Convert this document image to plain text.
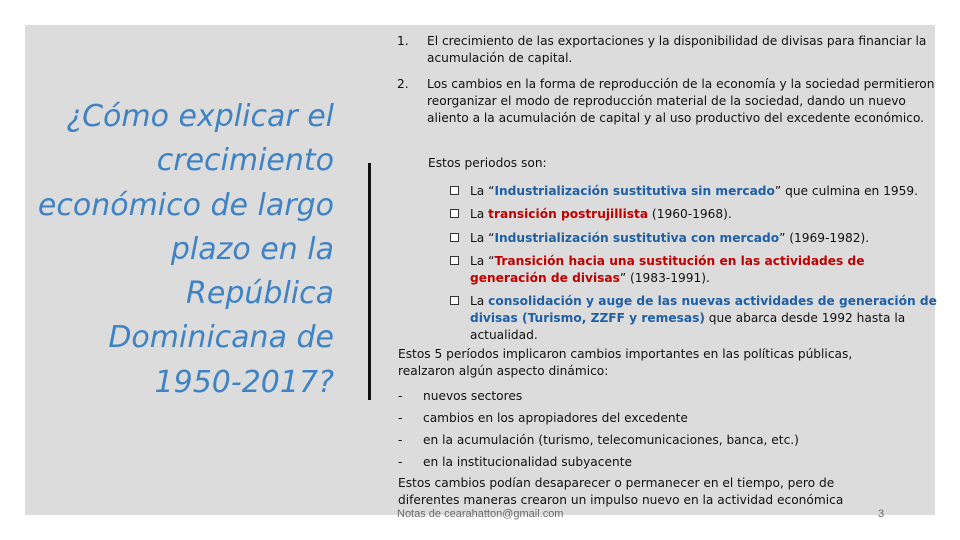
¿Cómo explicar el crecimiento económico de largo plazo en la República Dominicana de 1950-2017?
1. El crecimiento de las exportaciones y la disponibilidad de divisas para financiar la acumulación de capital.
2. Los cambios en la forma de reproducción de la economía y la sociedad permitieron reorganizar el modo de reproducción material de la sociedad, dando un nuevo aliento a la acumulación de capital y al uso productivo del excedente económico.

Estos periodos son:

La “Industrialización sustitutiva sin mercado” que culmina en 1959.
La transición postrujillista (1960-1968).
La “Industrialización sustitutiva con mercado” (1969-1982).
La “Transición hacia una sustitución en las actividades de generación de divisas” (1983-1991).
La consolidación y auge de las nuevas actividades de generación de divisas (Turismo, ZZFF y remesas) que abarca desde 1992 hasta la actualidad.

Estos 5 períodos implicaron cambios importantes en las políticas públicas, realzaron algún aspecto dinámico:

- nuevos sectores
- cambios en los apropiadores del excedente
- en la acumulación (turismo, telecomunicaciones, banca, etc.)
- en la institucionalidad subyacente

Estos cambios podían desaparecer o permanecer en el tiempo, pero de diferentes maneras crearon un impulso nuevo en la actividad económica

Notas de cearahatton@gmail.com	3
